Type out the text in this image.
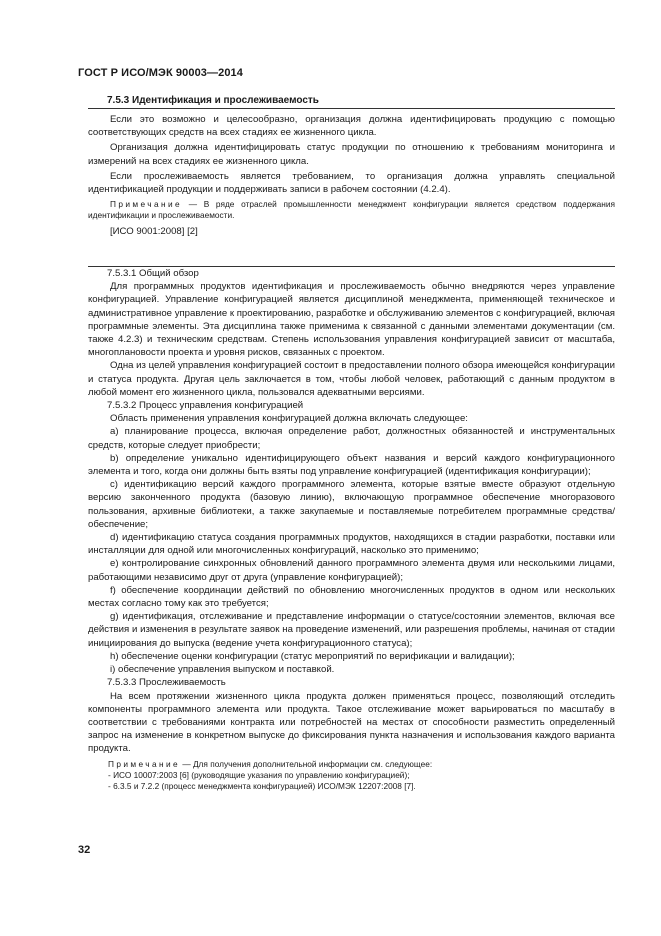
ГОСТ Р ИСО/МЭК 90003—2014
7.5.3 Идентификация и прослеживаемость

Если это возможно и целесообразно, организация должна идентифицировать продукцию с помощью соответствующих средств на всех стадиях ее жизненного цикла.

Организация должна идентифицировать статус продукции по отношению к требованиям мониторинга и измерений на всех стадиях ее жизненного цикла.

Если прослеживаемость является требованием, то организация должна управлять специальной идентификацией продукции и поддерживать записи в рабочем состоянии (4.2.4).

Примечание — В ряде отраслей промышленности менеджмент конфигурации является средством поддержания идентификации и прослеживаемости.

[ИСО 9001:2008] [2]

7.5.3.1 Общий обзор

Для программных продуктов идентификация и прослеживаемость обычно внедряются через управление конфигурацией. Управление конфигурацией является дисциплиной менеджмента, применяющей техническое и административное управление к проектированию, разработке и обслуживанию элементов с конфигурацией, включая программные элементы. Эта дисциплина также применима к связанной с данными элементами документации (см. также 4.2.3) и техническим средствам. Степень использования управления конфигурацией зависит от масштаба, многоплановости проекта и уровня рисков, связанных с проектом.

Одна из целей управления конфигурацией состоит в предоставлении полного обзора имеющейся конфигурации и статуса продукта. Другая цель заключается в том, чтобы любой человек, работающий с данным продуктом в любой момент его жизненного цикла, пользовался адекватными версиями.

7.5.3.2 Процесс управления конфигурацией

Область применения управления конфигурацией должна включать следующее:

a) планирование процесса, включая определение работ, должностных обязанностей и инструментальных средств, которые следует приобрести;

b) определение уникально идентифицирующего объект названия и версий каждого конфигурационного элемента и того, когда они должны быть взяты под управление конфигурацией (идентификация конфигурации);

c) идентификацию версий каждого программного элемента, которые взятые вместе образуют отдельную версию законченного продукта (базовую линию), включающую программное обеспечение многоразового пользования, архивные библиотеки, а также закупаемые и поставляемые потребителем программные средства/обеспечение;

d) идентификацию статуса создания программных продуктов, находящихся в стадии разработки, поставки или инсталляции для одной или многочисленных конфигураций, насколько это применимо;

e) контролирование синхронных обновлений данного программного элемента двумя или несколькими лицами, работающими независимо друг от друга (управление конфигурацией);

f) обеспечение координации действий по обновлению многочисленных продуктов в одном или нескольких местах согласно тому как это требуется;

g) идентификация, отслеживание и представление информации о статусе/состоянии элементов, включая все действия и изменения в результате заявок на проведение изменений, или разрешения проблемы, начиная от стадии инициирования до выпуска (ведение учета конфигурационного статуса);

h) обеспечение оценки конфигурации (статус мероприятий по верификации и валидации);

i) обеспечение управления выпуском и поставкой.

7.5.3.3 Прослеживаемость

На всем протяжении жизненного цикла продукта должен применяться процесс, позволяющий отследить компоненты программного элемента или продукта. Такое отслеживание может варьироваться по масштабу в соответствии с требованиями контракта или потребностей на местах от способности разместить определенный запрос на изменение в конкретном выпуске до фиксирования пункта назначения и использования каждого варианта продукта.

Примечание — Для получения дополнительной информации см. следующее:
- ИСО 10007:2003 [6] (руководящие указания по управлению конфигурацией);
- 6.3.5 и 7.2.2 (процесс менеджмента конфигурацией) ИСО/МЭК 12207:2008 [7].
32
